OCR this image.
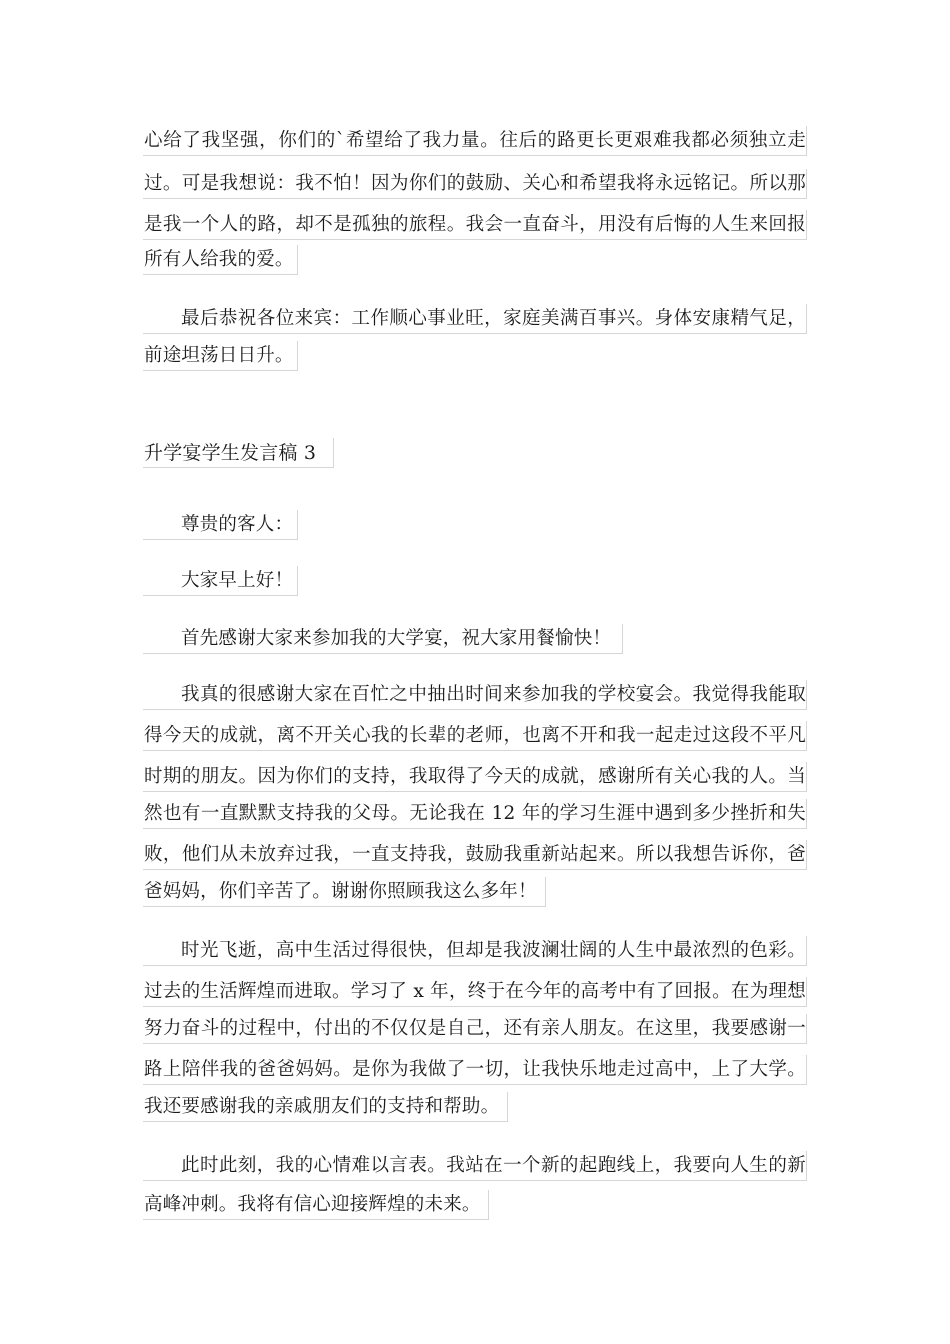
心给了我坚强，你们的`希望给了我力量。往后的路更长更艰难我都必须独立走
过。可是我想说：我不怕！因为你们的鼓励、关心和希望我将永远铭记。所以那
是我一个人的路，却不是孤独的旅程。我会一直奋斗，用没有后悔的人生来回报
所有人给我的爱。
最后恭祝各位来宾：工作顺心事业旺，家庭美满百事兴。身体安康精气足，
前途坦荡日日升。
升学宴学生发言稿 3
尊贵的客人：
大家早上好！
首先感谢大家来参加我的大学宴，祝大家用餐愉快！
我真的很感谢大家在百忙之中抽出时间来参加我的学校宴会。我觉得我能取
得今天的成就，离不开关心我的长辈的老师，也离不开和我一起走过这段不平凡
时期的朋友。因为你们的支持，我取得了今天的成就，感谢所有关心我的人。当
然也有一直默默支持我的父母。无论我在 12 年的学习生涯中遇到多少挫折和失
败，他们从未放弃过我，一直支持我，鼓励我重新站起来。所以我想告诉你，爸
爸妈妈，你们辛苦了。谢谢你照顾我这么多年！
时光飞逝，高中生活过得很快，但却是我波澜壮阔的人生中最浓烈的色彩。
过去的生活辉煌而进取。学习了 x 年，终于在今年的高考中有了回报。在为理想
努力奋斗的过程中，付出的不仅仅是自己，还有亲人朋友。在这里，我要感谢一
路上陪伴我的爸爸妈妈。是你为我做了一切，让我快乐地走过高中，上了大学。
我还要感谢我的亲戚朋友们的支持和帮助。
此时此刻，我的心情难以言表。我站在一个新的起跑线上，我要向人生的新
高峰冲刺。我将有信心迎接辉煌的未来。
